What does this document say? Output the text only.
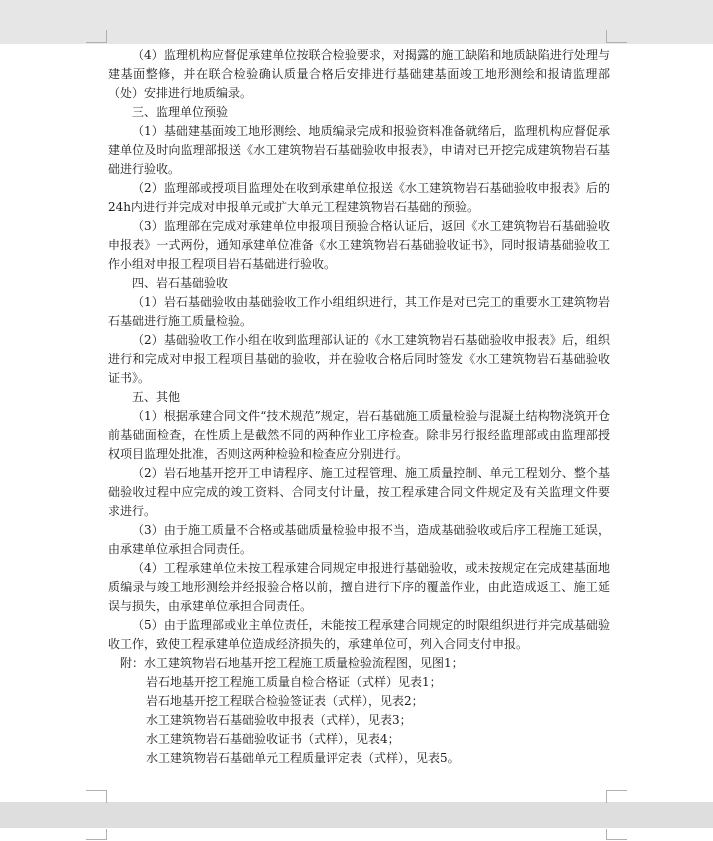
（4）监理机构应督促承建单位按联合检验要求，对揭露的施工缺陷和地质缺陷进行处理与建基面整修，并在联合检验确认质量合格后安排进行基础建基面竣工地形测绘和报请监理部（处）安排进行地质编录。

三、监理单位预验

（1）基础建基面竣工地形测绘、地质编录完成和报验资料准备就绪后，监理机构应督促承建单位及时向监理部报送《水工建筑物岩石基础验收申报表》，申请对已开挖完成建筑物岩石基础进行验收。

（2）监理部或授项目监理处在收到承建单位报送《水工建筑物岩石基础验收申报表》后的24h内进行并完成对申报单元或扩大单元工程建筑物岩石基础的预验。

（3）监理部在完成对承建单位申报项目预验合格认证后，返回《水工建筑物岩石基础验收申报表》一式两份，通知承建单位准备《水工建筑物岩石基础验收证书》，同时报请基础验收工作小组对申报工程项目岩石基础进行验收。

四、岩石基础验收

（1）岩石基础验收由基础验收工作小组组织进行，其工作是对已完工的重要水工建筑物岩石基础进行施工质量检验。

（2）基础验收工作小组在收到监理部认证的《水工建筑物岩石基础验收申报表》后，组织进行和完成对申报工程项目基础的验收，并在验收合格后同时签发《水工建筑物岩石基础验收证书》。

五、其他

（1）根据承建合同文件“技术规范”规定，岩石基础施工质量检验与混凝土结构物浇筑开仓前基础面检查，在性质上是截然不同的两种作业工序检查。除非另行报经监理部或由监理部授权项目监理处批准，否则这两种检验和检查应分别进行。

（2）岩石地基开挖开工申请程序、施工过程管理、施工质量控制、单元工程划分、整个基础验收过程中应完成的竣工资料、合同支付计量，按工程承建合同文件规定及有关监理文件要求进行。

（3）由于施工质量不合格或基础质量检验申报不当，造成基础验收或后序工程施工延误，由承建单位承担合同责任。

（4）工程承建单位未按工程承建合同规定申报进行基础验收，或未按规定在完成建基面地质编录与竣工地形测绘并经报验合格以前，擅自进行下序的覆盖作业，由此造成返工、施工延误与损失，由承建单位承担合同责任。

（5）由于监理部或业主单位责任，未能按工程承建合同规定的时限组织进行并完成基础验收工作，致使工程承建单位造成经济损失的，承建单位可，列入合同支付申报。

附：水工建筑物岩石地基开挖工程施工质量检验流程图，见图1；

岩石地基开挖工程施工质量自检合格证（式样）见表1；

岩石地基开挖工程联合检验签证表（式样），见表2；

水工建筑物岩石基础验收申报表（式样），见表3；

水工建筑物岩石基础验收证书（式样），见表4；

水工建筑物岩石基础单元工程质量评定表（式样），见表5。
